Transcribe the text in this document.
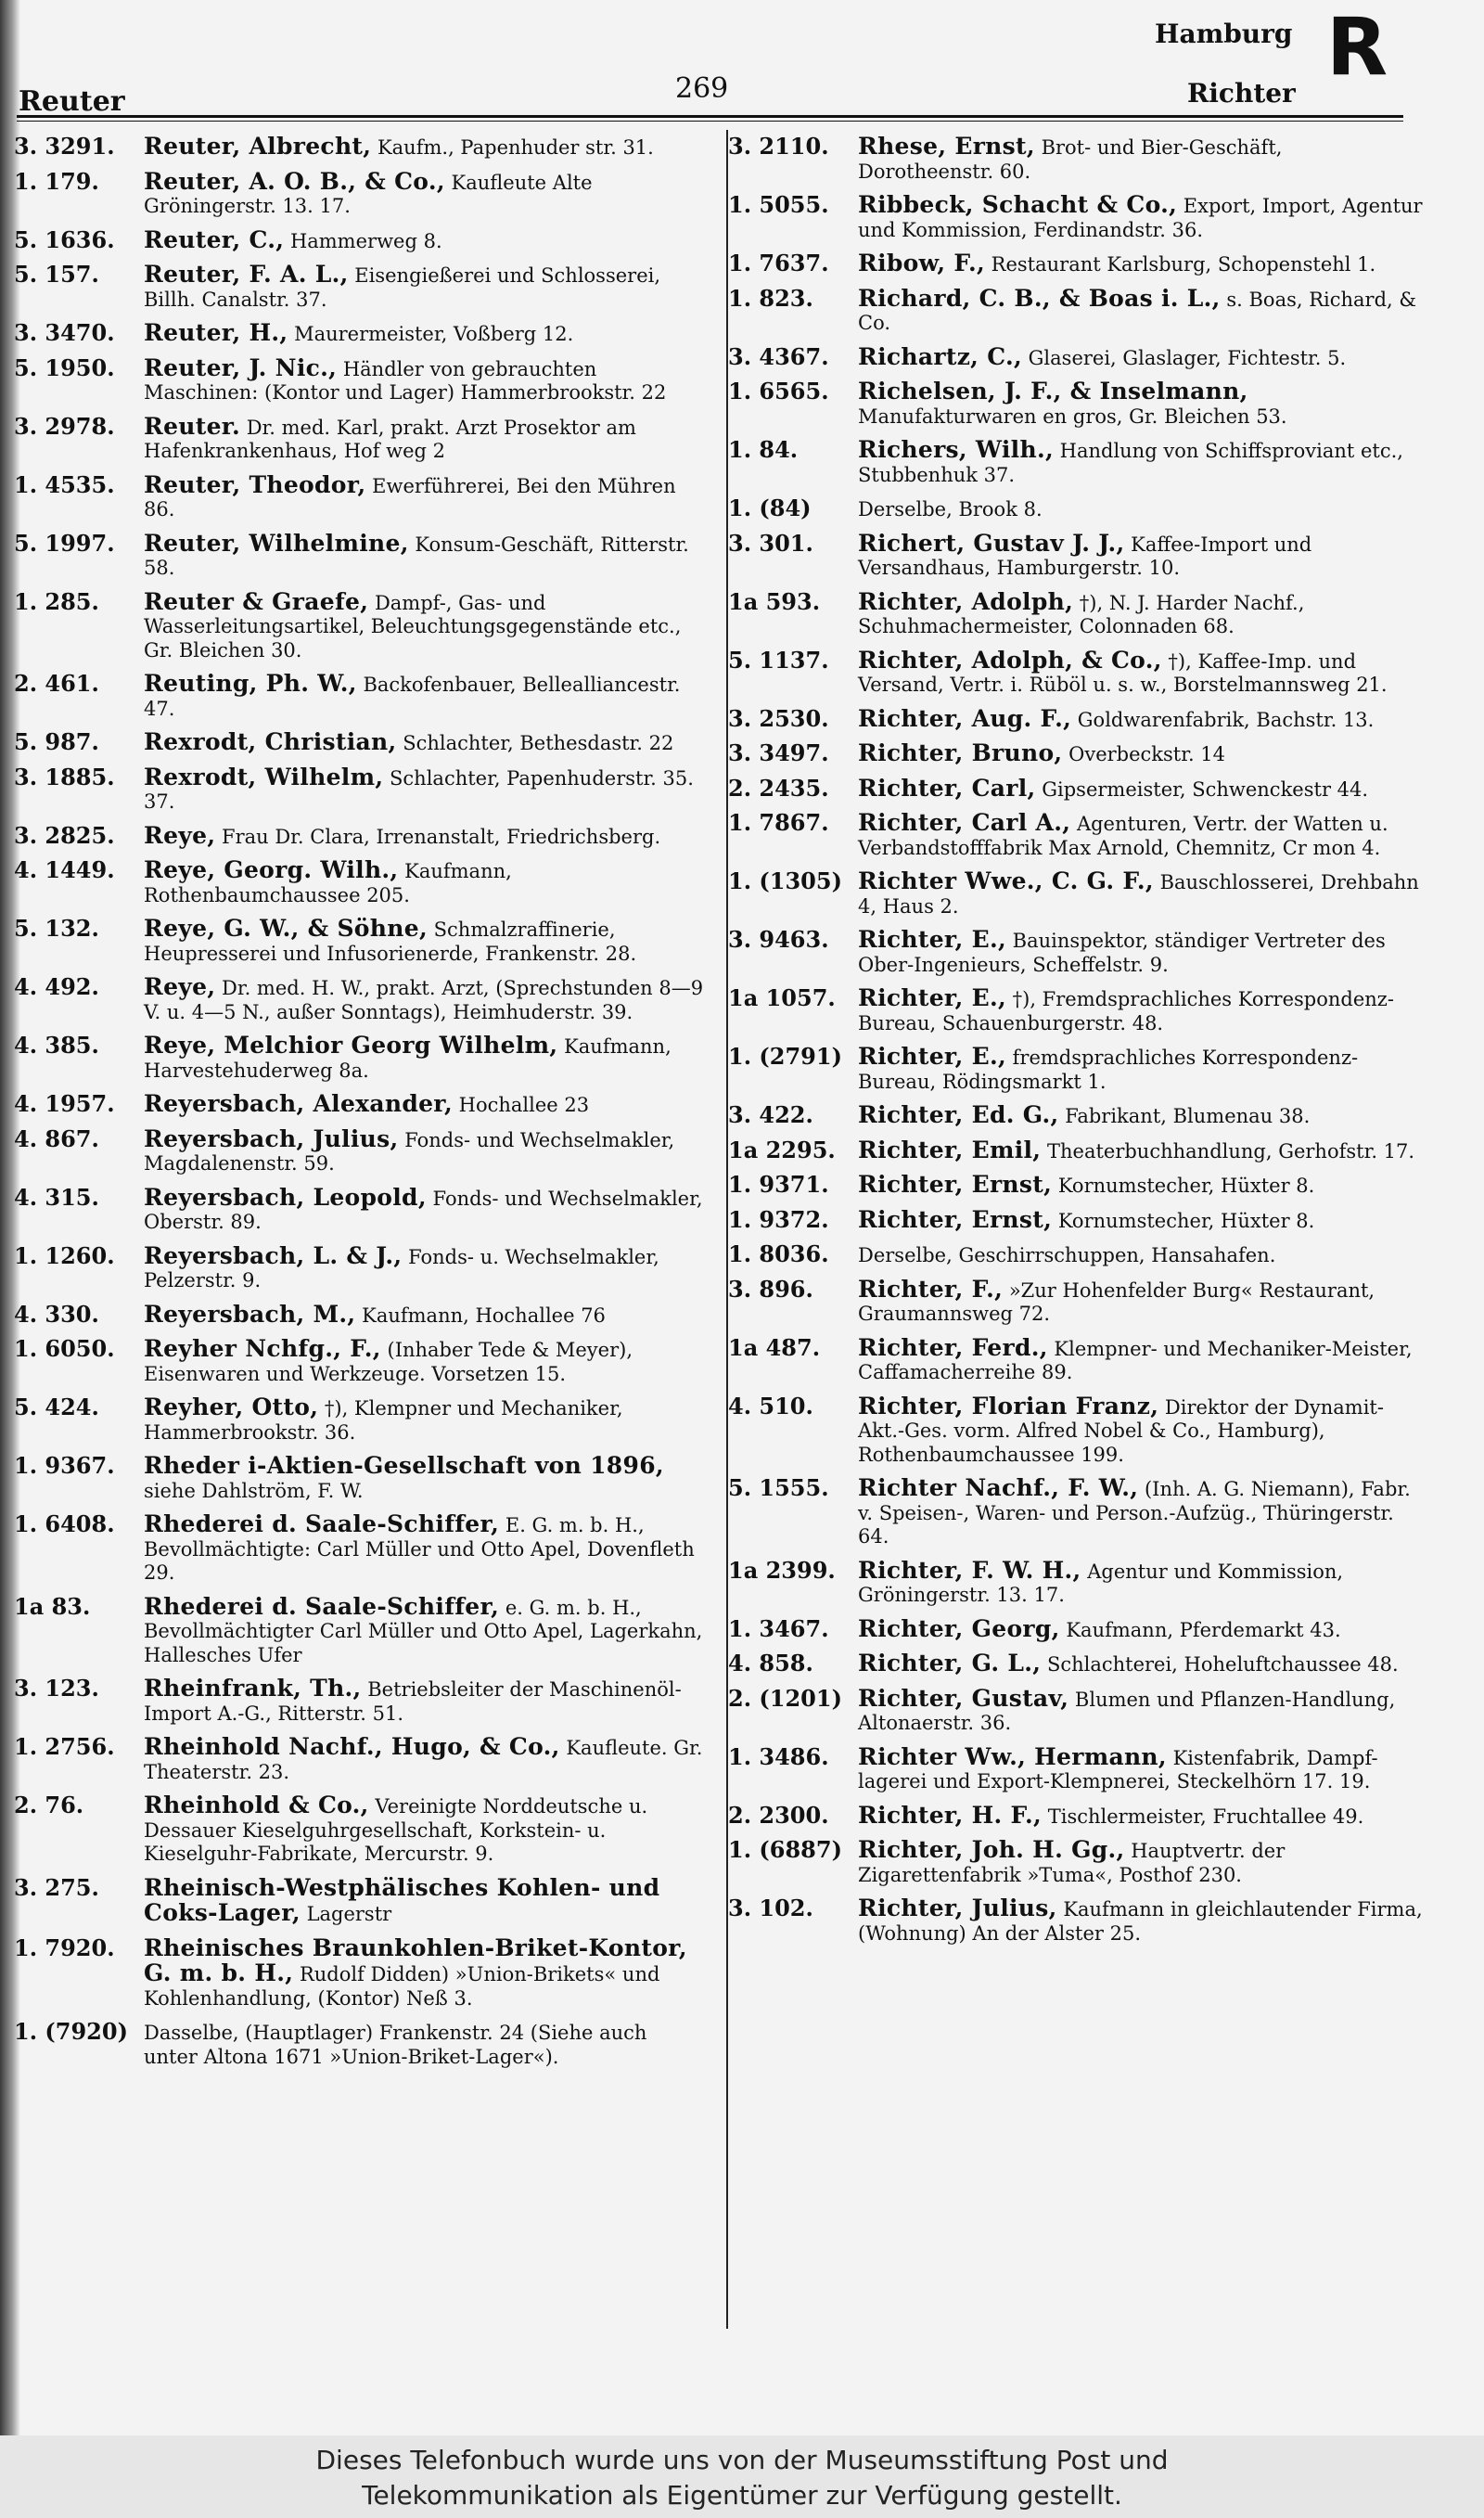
Reuter	269
Hamburg R
Richter
3. 3291.	Reuter, Albrecht, Kaufm., Papenhuder str. 31.
1. 179.	Reuter, A. O. B., & Co., Kaufleute Alte Gröningerstr. 13. 17.
5. 1636.	Reuter, C., Hammerweg 8.
5. 157.	Reuter, F. A. L., Eisengießerei und Schlosserei, Billh. Canalstr. 37.
3. 3470.	Reuter, H., Maurermeister, Voßberg 12.
5. 1950.	Reuter, J. Nic., Händler von gebrauchten Maschinen: (Kontor und Lager) Hammerbrookstr. 22
3. 2978.	Reuter. Dr. med. Karl, prakt. Arzt Prosektor am Hafenkrankenhaus, Hof weg 2
1. 4535.	Reuter, Theodor, Ewerführerei, Bei den Mühren 86.
5. 1997.	Reuter, Wilhelmine, Konsum-Geschäft, Ritterstr. 58.
1. 285.	Reuter & Graefe, Dampf-, Gas- und Wasserleitungsartikel, Beleuchtungsgegenstände etc., Gr. Bleichen 30.
2. 461.	Reuting, Ph. W., Backofenbauer, Bellealliancestr. 47.
5. 987.	Rexrodt, Christian, Schlachter, Bethesdastr. 22
3. 1885.	Rexrodt, Wilhelm, Schlachter, Papenhuderstr. 35. 37.
3. 2825.	Reye, Frau Dr. Clara, Irrenanstalt, Friedrichsberg.
4. 1449.	Reye, Georg. Wilh., Kaufmann, Rothenbaumchaussee 205.
5. 132.	Reye, G. W., & Söhne, Schmalzraffinerie, Heupresserei und Infusorienerde, Frankenstr. 28.
4. 492.	Reye, Dr. med. H. W., prakt. Arzt, (Sprechstunden 8—9 V. u. 4—5 N., außer Sonntags), Heimhuderstr. 39.
4. 385.	Reye, Melchior Georg Wilhelm, Kaufmann, Harvestehuderweg 8a.
4. 1957.	Reyersbach, Alexander, Hochallee 23
4. 867.	Reyersbach, Julius, Fonds- und Wechselmakler, Magdalenenstr. 59.
4. 315.	Reyersbach, Leopold, Fonds- und Wechselmakler, Oberstr. 89.
1. 1260.	Reyersbach, L. & J., Fonds- u. Wechselmakler, Pelzerstr. 9.
4. 330.	Reyersbach, M., Kaufmann, Hochallee 76
1. 6050.	Reyher Nchfg., F., (Inhaber Tede & Meyer), Eisenwaren und Werkzeuge. Vorsetzen 15.
5. 424.	Reyher, Otto, †), Klempner und Mechaniker, Hammerbrookstr. 36.
1. 9367.	Rheder i-Aktien-Gesellschaft von 1896, siehe Dahlström, F. W.
1. 6408.	Rhederei d. Saale-Schiffer, E. G. m. b. H., Bevollmächtigte: Carl Müller und Otto Apel, Dovenfleth 29.
1a 83.	Rhederei d. Saale-Schiffer, e. G. m. b. H., Bevollmächtigter Carl Müller und Otto Apel, Lagerkahn, Hallesches Ufer
3. 123.	Rheinfrank, Th., Betriebsleiter der Maschinenöl-Import A.-G., Ritterstr. 51.
1. 2756.	Rheinhold Nachf., Hugo, & Co., Kaufleute. Gr. Theaterstr. 23.
2. 76.	Rheinhold & Co., Vereinigte Norddeutsche u. Dessauer Kieselguhrgesellschaft, Korkstein- u. Kieselguhr-Fabrikate, Mercurstr. 9.
3. 275.	Rheinisch-Westphälisches Kohlen- und Coks-Lager, Lagerstr
1. 7920.	Rheinisches Braunkohlen-Briket-Kontor, G. m. b. H., Rudolf Didden) »Union-Brikets« und Kohlenhandlung, (Kontor) Neß 3.
1. (7920) Dasselbe, (Hauptlager) Frankenstr. 24 (Siehe auch unter Altona 1671 »Union-Briket-Lager«).
3. 2110.	Rhese, Ernst, Brot- und Bier-Geschäft, Dorotheenstr. 60.
1. 5055.	Ribbeck, Schacht & Co., Export, Import, Agentur und Kommission, Ferdinandstr. 36.
1. 7637.	Ribow, F., Restaurant Karlsburg, Schopenstehl 1.
1. 823.	Richard, C. B., & Boas i. L., s. Boas, Richard, & Co.
3. 4367.	Richartz, C., Glaserei, Glaslager, Fichtestr. 5.
1. 6565.	Richelsen, J. F., & Inselmann, Manufakturwaren en gros, Gr. Bleichen 53.
1. 84.	Richers, Wilh., Handlung von Schiffsproviant etc., Stubbenhuk 37.
1. (84)	Derselbe, Brook 8.
3. 301.	Richert, Gustav J. J., Kaffee-Import und Versandhaus, Hamburgerstr. 10.
1a 593.	Richter, Adolph, †), N. J. Harder Nachf., Schuhmachermeister, Colonnaden 68.
5. 1137.	Richter, Adolph, & Co., †), Kaffee-Imp. und Versand, Vertr. i. Rüböl u. s. w., Borstelmannsweg 21.
3. 2530.	Richter, Aug. F., Goldwarenfabrik, Bachstr. 13.
3. 3497.	Richter, Bruno, Overbeckstr. 14
2. 2435.	Richter, Carl, Gipsermeister, Schwenckestr 44.
1. 7867.	Richter, Carl A., Agenturen, Vertr. der Watten u. Verbandstofffabrik Max Arnold, Chemnitz, Cr mon 4.
1. (1305) Richter Wwe., C. G. F., Bauschlosserei, Drehbahn 4, Haus 2.
3. 9463.	Richter, E., Bauinspektor, ständiger Vertreter des Ober-Ingenieurs, Scheffelstr. 9.
1a 1057. Richter, E., †), Fremdsprachliches Korrespondenz-Bureau, Schauenburgerstr. 48.
1. (2791) Richter, E., fremdsprachliches Korrespondenz-Bureau, Rödingsmarkt 1.
3. 422.	Richter, Ed. G., Fabrikant, Blumenau 38.
1a 2295. Richter, Emil, Theaterbuchhandlung, Gerhofstr. 17.
1. 9371.	Richter, Ernst, Kornumstecher, Hüxter 8.
1. 9372.	Richter, Ernst, Kornumstecher, Hüxter 8.
1. 8036.	Derselbe, Geschirrschuppen, Hansahafen.
3. 896.	Richter, F., »Zur Hohenfelder Burg« Restaurant, Graumannsweg 72.
1a 487.	Richter, Ferd., Klempner- und Mechaniker-Meister, Caffamacherreihe 89.
4. 510.	Richter, Florian Franz, Direktor der Dynamit-Akt.-Ges. vorm. Alfred Nobel & Co., Hamburg), Rothenbaumchaussee 199.
5. 1555.	Richter Nachf., F. W., (Inh. A. G. Niemann), Fabr. v. Speisen-, Waren- und Person.-Aufzüg., Thüringerstr. 64.
1a 2399. Richter, F. W. H., Agentur und Kommission, Gröningerstr. 13. 17.
1. 3467.	Richter, Georg, Kaufmann, Pferdemarkt 43.
4. 858.	Richter, G. L., Schlachterei, Hoheluftchaussee 48.
2. (1201) Richter, Gustav, Blumen und Pflanzen-Handlung, Altonaerstr. 36.
1. 3486.	Richter Ww., Hermann, Kistenfabrik, Dampf-lagerei und Export-Klempnerei, Steckelhörn 17. 19.
2. 2300.	Richter, H. F., Tischlermeister, Fruchtallee 49.
1. (6887) Richter, Joh. H. Gg., Hauptvertr. der Zigarettenfabrik »Tuma«, Posthof 230.
3. 102.	Richter, Julius, Kaufmann in gleichlautender Firma, (Wohnung) An der Alster 25.
Dieses Telefonbuch wurde uns von der Museumsstiftung Post und
Telekommunikation als Eigentümer zur Verfügung gestellt.
